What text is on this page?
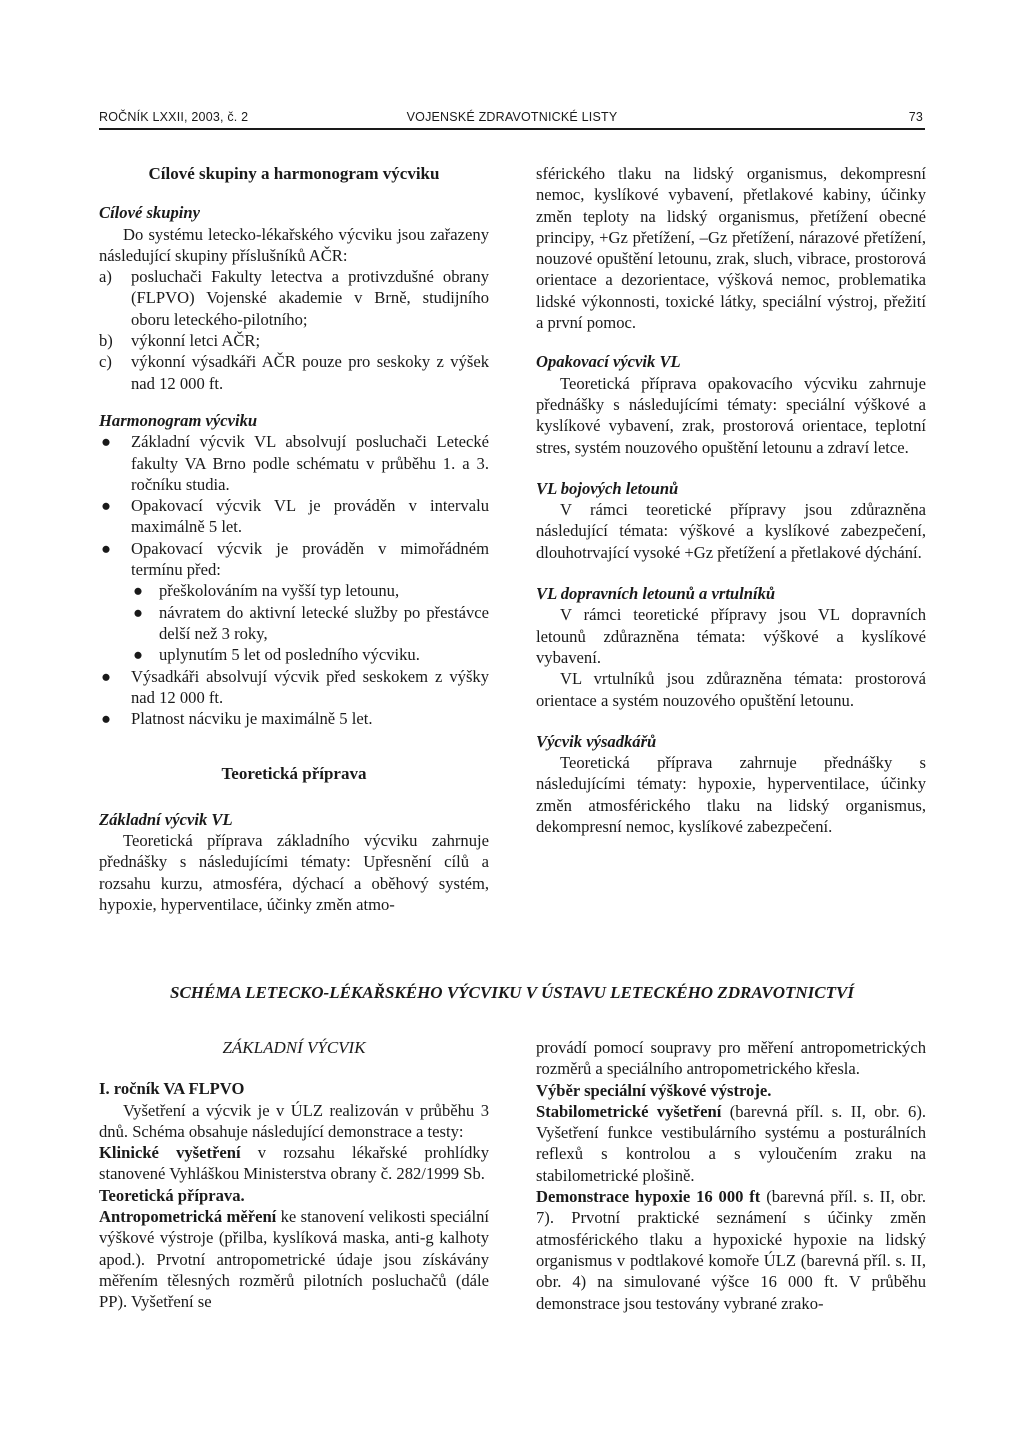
ROČNÍK LXXII, 2003, č. 2	VOJENSKÉ ZDRAVOTNICKÉ LISTY	73
Cílové skupiny a harmonogram výcviku

Cílové skupiny

Do systému letecko-lékařského výcviku jsou zařazeny následující skupiny příslušníků AČR:

a) posluchači Fakulty letectva a protivzdušné obrany (FLPVO) Vojenské akademie v Brně, studijního oboru leteckého-pilotního;
b) výkonní letci AČR;
c) výkonní výsadkáři AČR pouze pro seskoky z výšek nad 12 000 ft.

Harmonogram výcviku

● Základní výcvik VL absolvují posluchači Letecké fakulty VA Brno podle schématu v průběhu 1. a 3. ročníku studia.
● Opakovací výcvik VL je prováděn v intervalu maximálně 5 let.
● Opakovací výcvik je prováděn v mimořádném termínu před:
● přeškolováním na vyšší typ letounu,
● návratem do aktivní letecké služby po přestávce delší než 3 roky,
● uplynutím 5 let od posledního výcviku.
● Výsadkáři absolvují výcvik před seskokem z výšky nad 12 000 ft.
● Platnost nácviku je maximálně 5 let.
Teoretická příprava

Základní výcvik VL

Teoretická příprava základního výcviku zahrnuje přednášky s následujícími tématy: Upřesnění cílů a rozsahu kurzu, atmosféra, dýchací a oběhový systém, hypoxie, hyperventilace, účinky změn atmo-

sférického tlaku na lidský organismus, dekompresní nemoc, kyslíkové vybavení, přetlakové kabiny, účinky změn teploty na lidský organismus, přetížení obecné principy, +Gz přetížení, –Gz přetížení, nárazové přetížení, nouzové opuštění letounu, zrak, sluch, vibrace, prostorová orientace a dezorientace, výšková nemoc, problematika lidské výkonnosti, toxické látky, speciální výstroj, přežití a první pomoc.

Opakovací výcvik VL

Teoretická příprava opakovacího výcviku zahrnuje přednášky s následujícími tématy: speciální výškové a kyslíkové vybavení, zrak, prostorová orientace, teplotní stres, systém nouzového opuštění letounu a zdraví letce.

VL bojových letounů

V rámci teoretické přípravy jsou zdůrazněna následující témata: výškové a kyslíkové zabezpečení, dlouhotrvající vysoké +Gz přetížení a přetlakové dýchání.

VL dopravních letounů a vrtulníků

V rámci teoretické přípravy jsou VL dopravních letounů zdůrazněna témata: výškové a kyslíkové vybavení.

VL vrtulníků jsou zdůrazněna témata: prostorová orientace a systém nouzového opuštění letounu.

Výcvik výsadkářů

Teoretická příprava zahrnuje přednášky s následujícími tématy: hypoxie, hyperventilace, účinky změn atmosférického tlaku na lidský organismus, dekompresní nemoc, kyslíkové zabezpečení.

SCHÉMA LETECKO-LÉKAŘSKÉHO VÝCVIKU V ÚSTAVU LETECKÉHO ZDRAVOTNICTVÍ
ZÁKLADNÍ VÝCVIK

I. ročník VA FLPVO

Vyšetření a výcvik je v ÚLZ realizován v průběhu 3 dnů. Schéma obsahuje následující demonstrace a testy:

Klinické vyšetření v rozsahu lékařské prohlídky stanovené Vyhláškou Ministerstva obrany č. 282/1999 Sb.

Teoretická příprava.

Antropometrická měření ke stanovení velikosti speciální výškové výstroje (přilba, kyslíková maska, anti-g kalhoty apod.). Prvotní antropometrické údaje jsou získávány měřením tělesných rozměrů pilotních posluchačů (dále PP). Vyšetření se

provádí pomocí soupravy pro měření antropometrických rozměrů a speciálního antropometrického křesla.

Výběr speciální výškové výstroje.

Stabilometrické vyšetření (barevná příl. s. II, obr. 6). Vyšetření funkce vestibulárního systému a posturálních reflexů s kontrolou a s vyloučením zraku na stabilometrické plošině.

Demonstrace hypoxie 16 000 ft (barevná příl. s. II, obr. 7). Prvotní praktické seznámení s účinky změn atmosférického tlaku a hypoxické hypoxie na lidský organismus v podtlakové komoře ÚLZ (barevná příl. s. II, obr. 4) na simulované výšce 16 000 ft. V průběhu demonstrace jsou testovány vybrané zrako-
